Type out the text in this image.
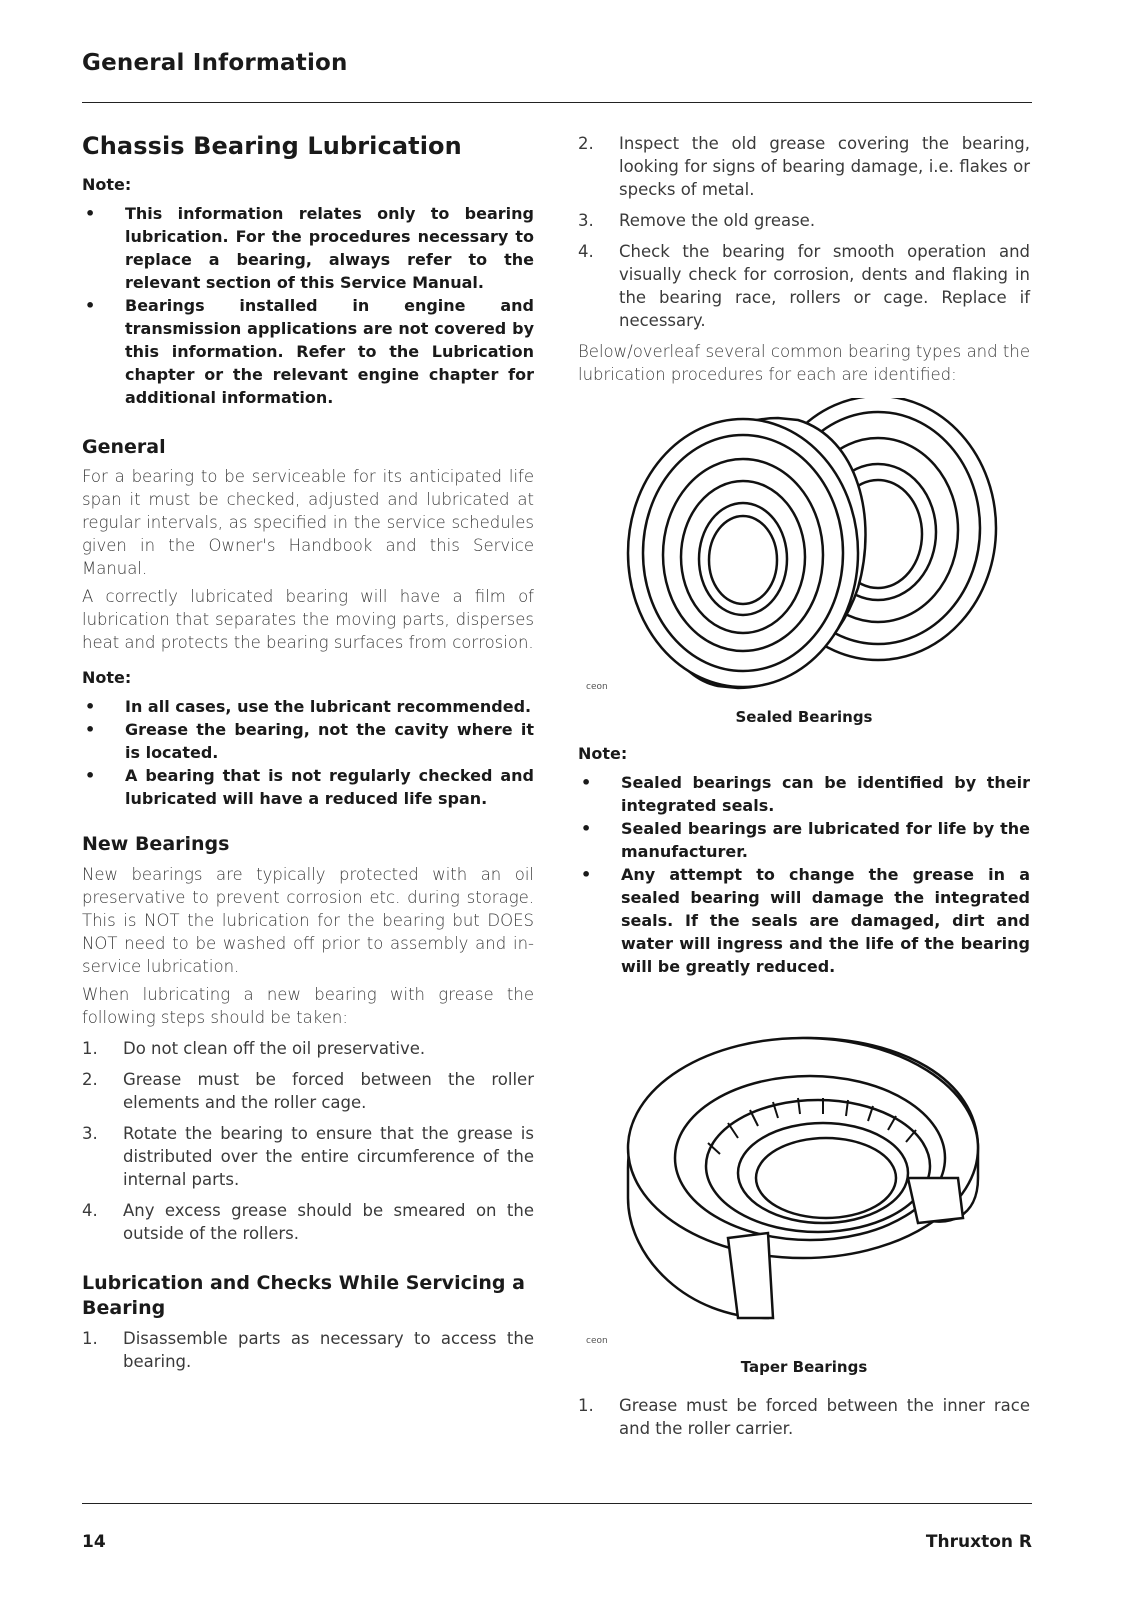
General Information
Chassis Bearing Lubrication
Note:
• This information relates only to bearing lubrication. For the procedures necessary to replace a bearing, always refer to the relevant section of this Service Manual.
• Bearings installed in engine and transmission applications are not covered by this information. Refer to the Lubrication chapter or the relevant engine chapter for additional information.
General

For a bearing to be serviceable for its anticipated life span it must be checked, adjusted and lubricated at regular intervals, as specified in the service schedules given in the Owner's Handbook and this Service Manual.

A correctly lubricated bearing will have a film of lubrication that separates the moving parts, disperses heat and protects the bearing surfaces from corrosion.

Note:
• In all cases, use the lubricant recommended.
• Grease the bearing, not the cavity where it is located.
• A bearing that is not regularly checked and lubricated will have a reduced life span.
New Bearings

New bearings are typically protected with an oil preservative to prevent corrosion etc. during storage. This is NOT the lubrication for the bearing but DOES NOT need to be washed off prior to assembly and in-service lubrication.

When lubricating a new bearing with grease the following steps should be taken:

1. Do not clean off the oil preservative.
2. Grease must be forced between the roller elements and the roller cage.
3. Rotate the bearing to ensure that the grease is distributed over the entire circumference of the internal parts.
4. Any excess grease should be smeared on the outside of the rollers.
Lubrication and Checks While Servicing a Bearing
1. Disassemble parts as necessary to access the bearing.
2. Inspect the old grease covering the bearing, looking for signs of bearing damage, i.e. flakes or specks of metal.
3. Remove the old grease.
4. Check the bearing for smooth operation and visually check for corrosion, dents and flaking in the bearing race, rollers or cage. Replace if necessary.

Below/overleaf several common bearing types and the lubrication procedures for each are identified:

ceon
Sealed Bearings
Note:
• Sealed bearings can be identified by their integrated seals.
• Sealed bearings are lubricated for life by the manufacturer.
• Any attempt to change the grease in a sealed bearing will damage the integrated seals. If the seals are damaged, dirt and water will ingress and the life of the bearing will be greatly reduced.
ceon
Taper Bearings
1. Grease must be forced between the inner race and the roller carrier.
14	Thruxton R
